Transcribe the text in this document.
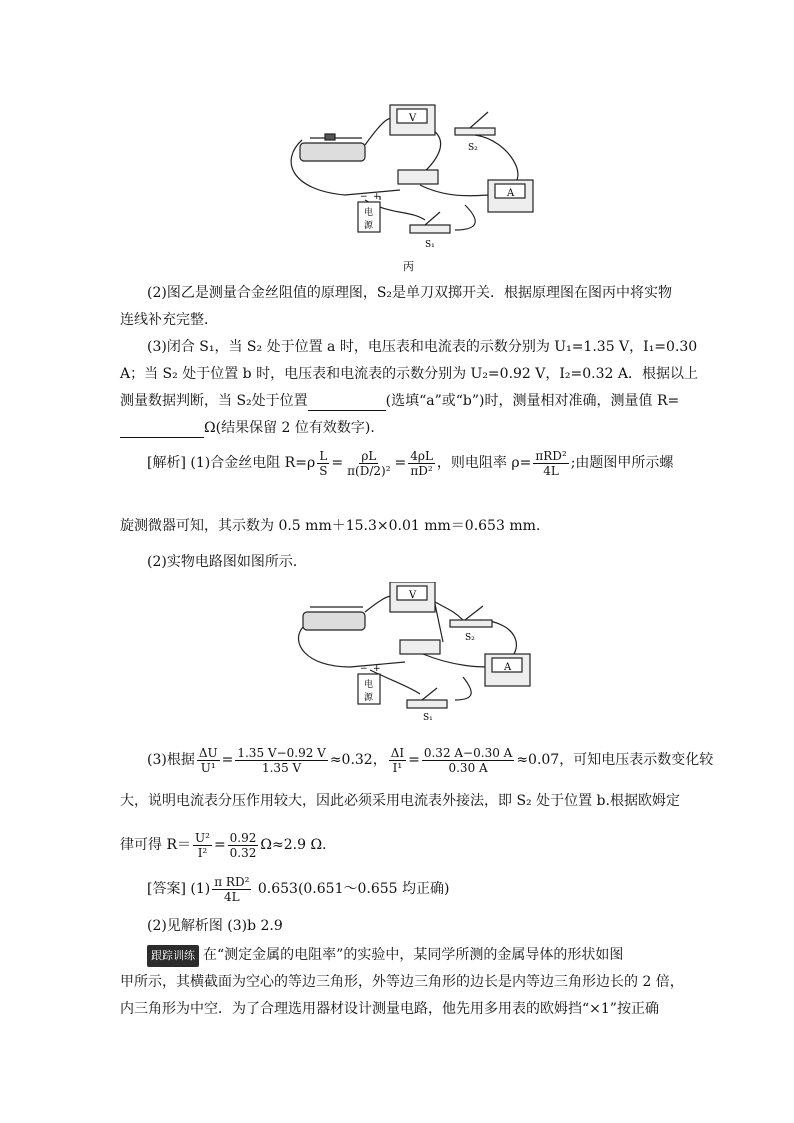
V
A
S₂
S₁
电
源
− +
丙
(2)图乙是测量合金丝阻值的原理图，S₂是单刀双掷开关．根据原理图在图丙中将实物
连线补充完整．
(3)闭合 S₁，当 S₂ 处于位置 a 时，电压表和电流表的示数分别为 U₁=1.35 V，I₁=0.30
A；当 S₂ 处于位置 b 时，电压表和电流表的示数分别为 U₂=0.92 V，I₂=0.32 A．根据以上
测量数据判断，当 S₂处于位置	(选填“a”或“b”)时，测量相对准确，测量值 R=
Ω(结果保留 2 位有效数字).
[解析] (1)合金丝电阻 $R=\rho \frac{L}{S} = \frac{\rho L}{\text{π(D/2)²}} = \frac{4\rho L}{\text{πD²}}$ ，则电阻率 $\rho= \frac{\text{πRD²}}{4L}$ ;由题图甲所示螺
旋测微器可知，其示数为 0.5 mm＋15.3×0.01 mm＝0.653 mm.
(2)实物电路图如图所示．
V
A
S₂
S₁
电
源
− +
(3)根据 $\frac{\Delta U}{\text{U¹}} = \frac{1.35 V-0.92 V}{1.35 V} \approx 0.32$， $\frac{\Delta I}{\text{I¹}} = \frac{0.32 A-0.30 A}{0.30 A} \approx 0.07$，可知电压表示数变化较
大，说明电流表分压作用较大，因此必须采用电流表外接法，即 S₂ 处于位置 b.根据欧姆定
律可得 $R= \frac{\text{U²}}{\text{I²}} = \frac{0.92}{0.32} \Omega\approx 2.9$ Ω.
[答案] $(1) \frac{\text{π RD²}}{4L}$ 0.653(0.651～0.655 均正确)
(2)见解析图 (3)b 2.9
跟踪训练 在“测定金属的电阻率”的实验中，某同学所测的金属导体的形状如图
甲所示，其横截面为空心的等边三角形，外等边三角形的边长是内等边三角形边长的 2 倍，
内三角形为中空．为了合理选用器材设计测量电路，他先用多用表的欧姆挡“×1”按正确
